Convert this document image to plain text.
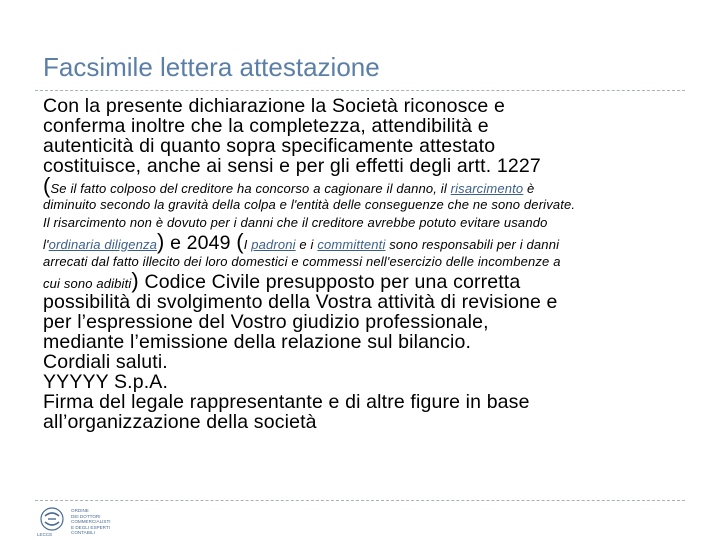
Facsimile lettera attestazione

Con la presente dichiarazione la Società riconosce e

conferma inoltre che la completezza, attendibilità e

autenticità di quanto sopra specificamente attestato

costituisce, anche ai sensi e per gli effetti degli artt. 1227

(Se il fatto colposo del creditore ha concorso a cagionare il danno, il risarcimento è

diminuito secondo la gravità della colpa e l'entità delle conseguenze che ne sono derivate.
Il risarcimento non è dovuto per i danni che il creditore avrebbe potuto evitare usando

l'ordinaria diligenza) e 2049 (I padroni e i committenti sono responsabili per i danni

arrecati dal fatto illecito dei loro domestici e commessi nell'esercizio delle incombenze a

cui sono adibiti) Codice Civile presupposto per una corretta

possibilità di svolgimento della Vostra attività di revisione e

per l’espressione del Vostro giudizio professionale,

mediante l’emissione della relazione sul bilancio.

Cordiali saluti.

YYYYY S.p.A.

Firma del legale rappresentante e di altre figure in base

all’organizzazione della società

ORDINE
DEI DOTTORI
COMMERCIALISTI
E DEGLI ESPERTI
CONTABILI
LECCE
